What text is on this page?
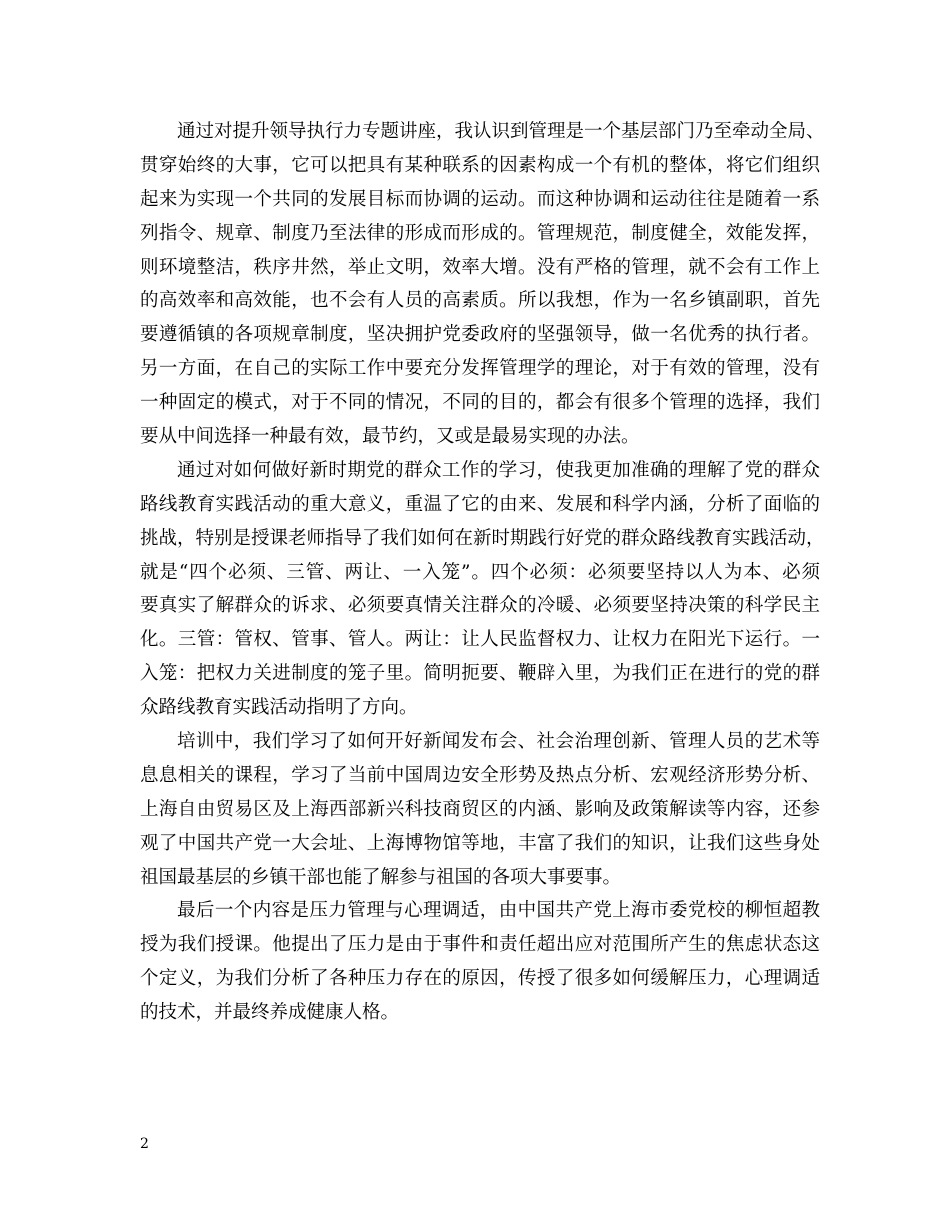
通过对提升领导执行力专题讲座，我认识到管理是一个基层部门乃至牵动全局、
贯穿始终的大事，它可以把具有某种联系的因素构成一个有机的整体，将它们组织
起来为实现一个共同的发展目标而协调的运动。而这种协调和运动往往是随着一系
列指令、规章、制度乃至法律的形成而形成的。管理规范，制度健全，效能发挥，
则环境整洁，秩序井然，举止文明，效率大增。没有严格的管理，就不会有工作上
的高效率和高效能，也不会有人员的高素质。所以我想，作为一名乡镇副职，首先
要遵循镇的各项规章制度，坚决拥护党委政府的坚强领导，做一名优秀的执行者。
另一方面，在自己的实际工作中要充分发挥管理学的理论，对于有效的管理，没有
一种固定的模式，对于不同的情况，不同的目的，都会有很多个管理的选择，我们
要从中间选择一种最有效，最节约，又或是最易实现的办法。
通过对如何做好新时期党的群众工作的学习，使我更加准确的理解了党的群众
路线教育实践活动的重大意义，重温了它的由来、发展和科学内涵，分析了面临的
挑战，特别是授课老师指导了我们如何在新时期践行好党的群众路线教育实践活动，
就是“四个必须、三管、两让、一入笼”。四个必须：必须要坚持以人为本、必须
要真实了解群众的诉求、必须要真情关注群众的冷暖、必须要坚持决策的科学民主
化。三管：管权、管事、管人。两让：让人民监督权力、让权力在阳光下运行。一
入笼：把权力关进制度的笼子里。简明扼要、鞭辟入里，为我们正在进行的党的群
众路线教育实践活动指明了方向。
培训中，我们学习了如何开好新闻发布会、社会治理创新、管理人员的艺术等
息息相关的课程，学习了当前中国周边安全形势及热点分析、宏观经济形势分析、
上海自由贸易区及上海西部新兴科技商贸区的内涵、影响及政策解读等内容，还参
观了中国共产党一大会址、上海博物馆等地，丰富了我们的知识，让我们这些身处
祖国最基层的乡镇干部也能了解参与祖国的各项大事要事。
最后一个内容是压力管理与心理调适，由中国共产党上海市委党校的柳恒超教
授为我们授课。他提出了压力是由于事件和责任超出应对范围所产生的焦虑状态这
个定义，为我们分析了各种压力存在的原因，传授了很多如何缓解压力，心理调适
的技术，并最终养成健康人格。
2
